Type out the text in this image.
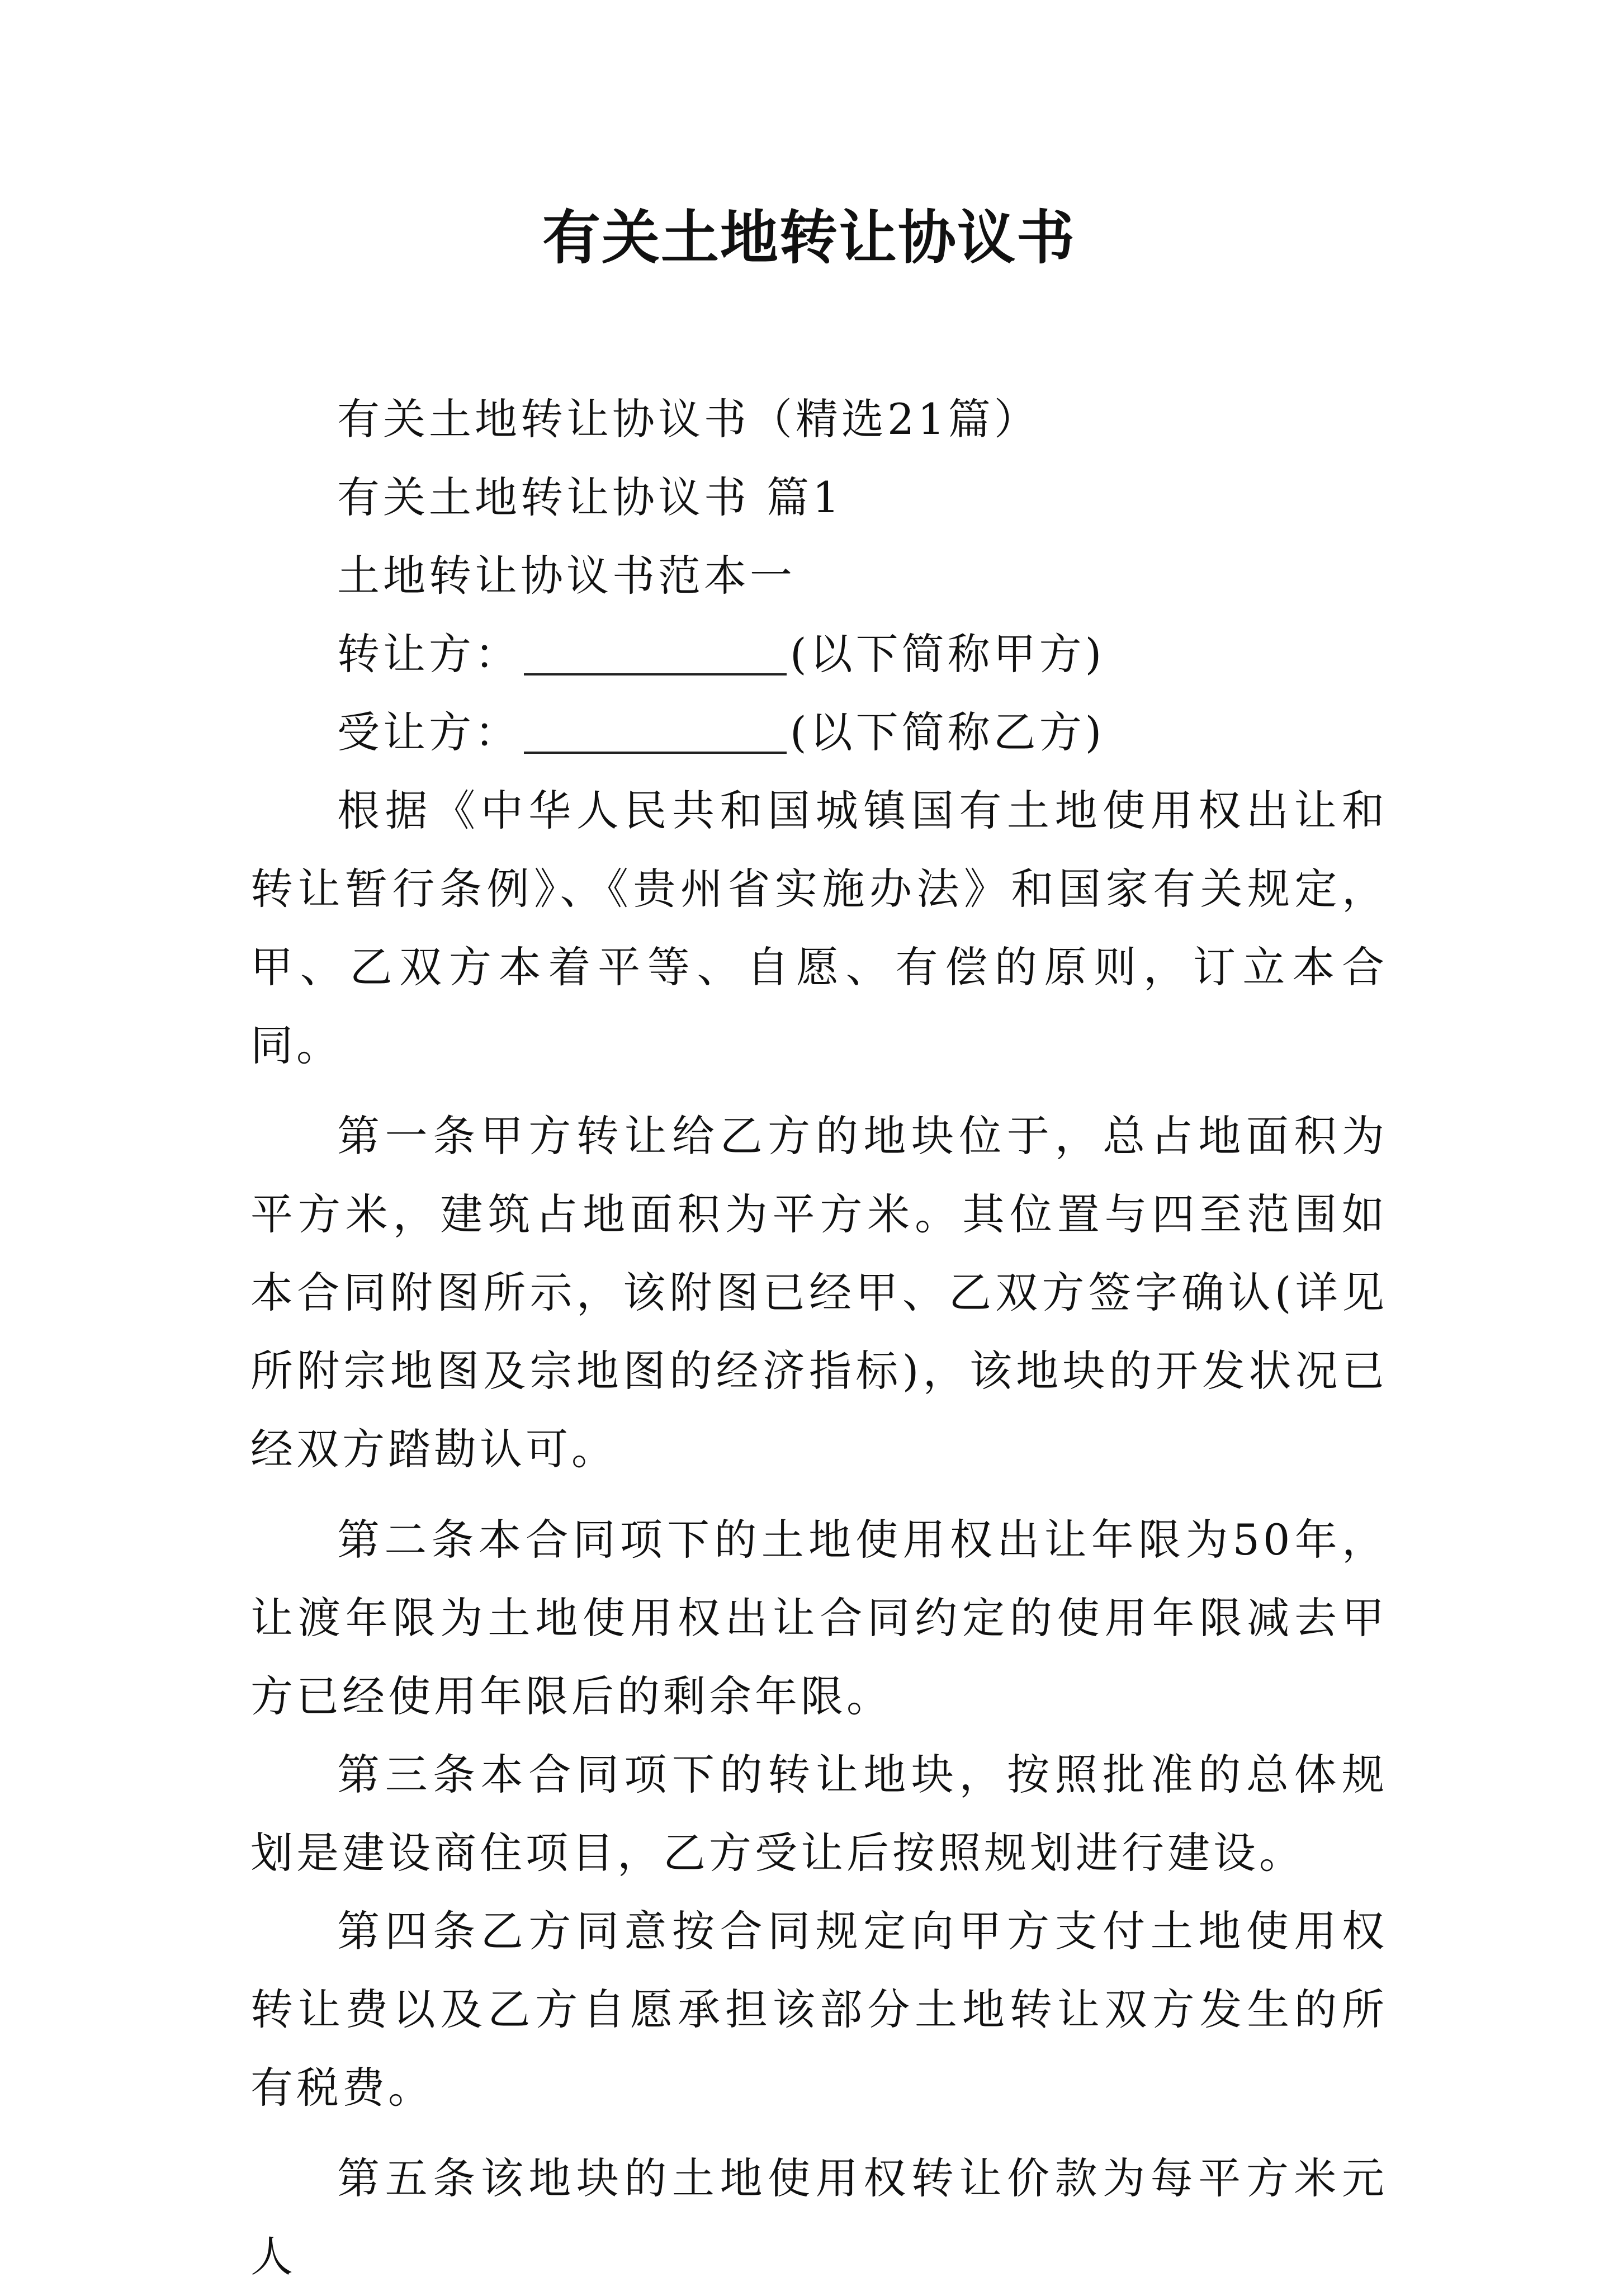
有关土地转让协议书
有关土地转让协议书（精选21篇）
有关土地转让协议书 篇1
土地转让协议书范本一
转让方：	(以下简称甲方)
受让方：	(以下简称乙方)
根据《中华人民共和国城镇国有土地使用权出让和转让暂行条例》、《贵州省实施办法》和国家有关规定，甲、乙双方本着平等、自愿、有偿的原则，订立本合同。
第一条甲方转让给乙方的地块位于，总占地面积为平方米，建筑占地面积为平方米。其位置与四至范围如本合同附图所示，该附图已经甲、乙双方签字确认(详见所附宗地图及宗地图的经济指标)，该地块的开发状况已经双方踏勘认可。
第二条本合同项下的土地使用权出让年限为50年，让渡年限为土地使用权出让合同约定的使用年限减去甲方已经使用年限后的剩余年限。
第三条本合同项下的转让地块，按照批准的总体规划是建设商住项目，乙方受让后按照规划进行建设。
第四条乙方同意按合同规定向甲方支付土地使用权转让费以及乙方自愿承担该部分土地转让双方发生的所有税费。
第五条该地块的土地使用权转让价款为每平方米元人
